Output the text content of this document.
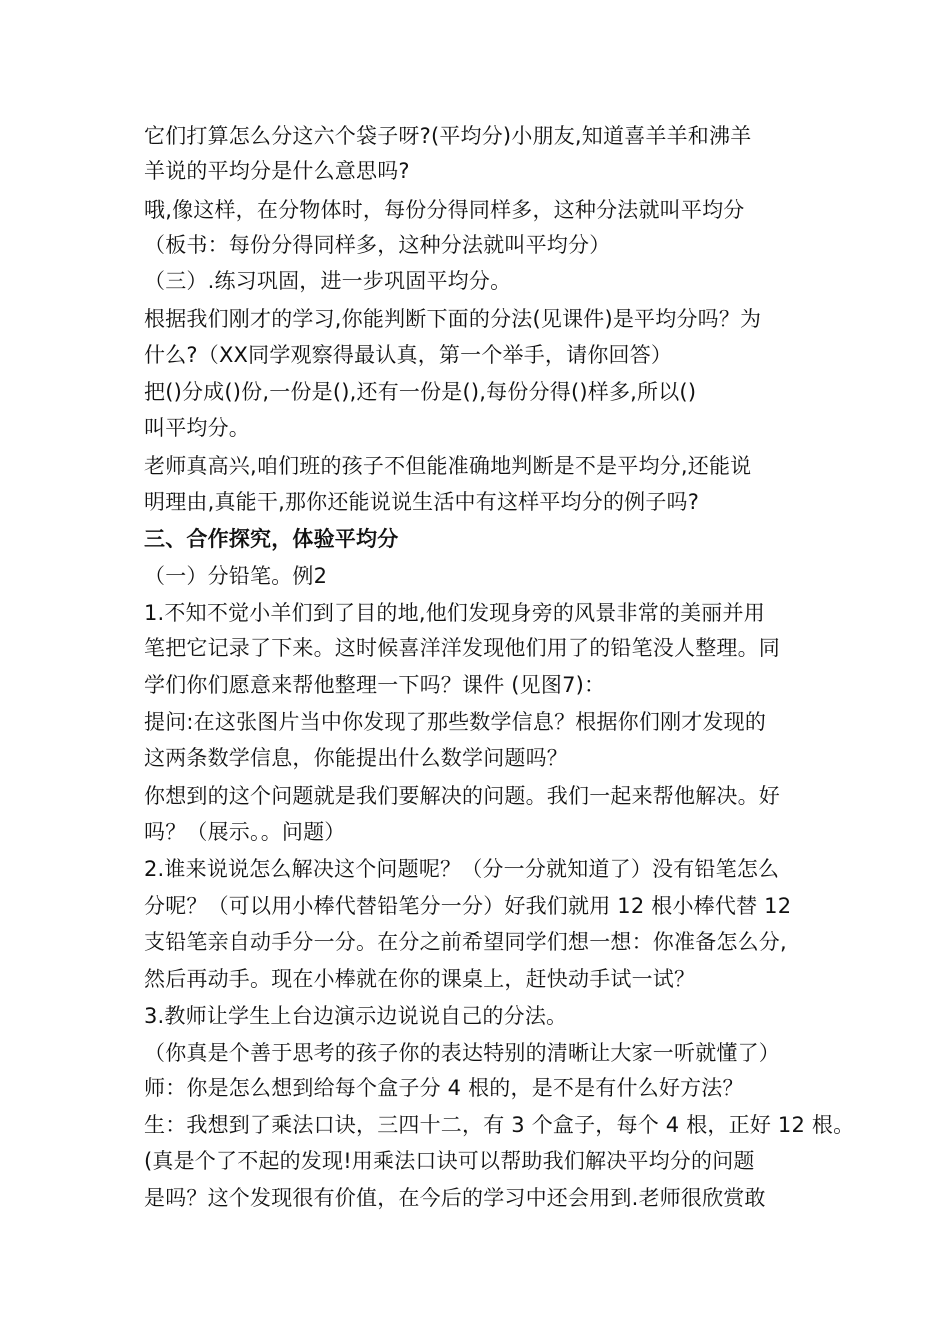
它们打算怎么分这六个袋子呀?(平均分)小朋友,知道喜羊羊和沸羊
羊说的平均分是什么意思吗?
哦,像这样，在分物体时，每份分得同样多，这种分法就叫平均分
（板书：每份分得同样多，这种分法就叫平均分）
（三）.练习巩固，进一步巩固平均分。
根据我们刚才的学习,你能判断下面的分法(见课件)是平均分吗？为
什么?（XX同学观察得最认真，第一个举手，请你回答）
把()分成()份,一份是(),还有一份是(),每份分得()样多,所以()
叫平均分。
老师真高兴,咱们班的孩子不但能准确地判断是不是平均分,还能说
明理由,真能干,那你还能说说生活中有这样平均分的例子吗?
三、合作探究，体验平均分
（一）分铅笔。例2
1.不知不觉小羊们到了目的地,他们发现身旁的风景非常的美丽并用
笔把它记录了下来。这时候喜洋洋发现他们用了的铅笔没人整理。同
学们你们愿意来帮他整理一下吗？课件 (见图7)：
提问:在这张图片当中你发现了那些数学信息？根据你们刚才发现的
这两条数学信息，你能提出什么数学问题吗？
你想到的这个问题就是我们要解决的问题。我们一起来帮他解决。好
吗？（展示。。问题）
2.谁来说说怎么解决这个问题呢？（分一分就知道了）没有铅笔怎么
分呢？（可以用小棒代替铅笔分一分）好我们就用 12 根小棒代替 12
支铅笔亲自动手分一分。在分之前希望同学们想一想：你准备怎么分,
然后再动手。现在小棒就在你的课桌上，赶快动手试一试？
3.教师让学生上台边演示边说说自己的分法。
（你真是个善于思考的孩子你的表达特别的清晰让大家一听就懂了）
师：你是怎么想到给每个盒子分 4 根的，是不是有什么好方法？
生：我想到了乘法口诀，三四十二，有 3 个盒子，每个 4 根，正好 12 根。
(真是个了不起的发现!用乘法口诀可以帮助我们解决平均分的问题
是吗？这个发现很有价值，在今后的学习中还会用到.老师很欣赏敢
